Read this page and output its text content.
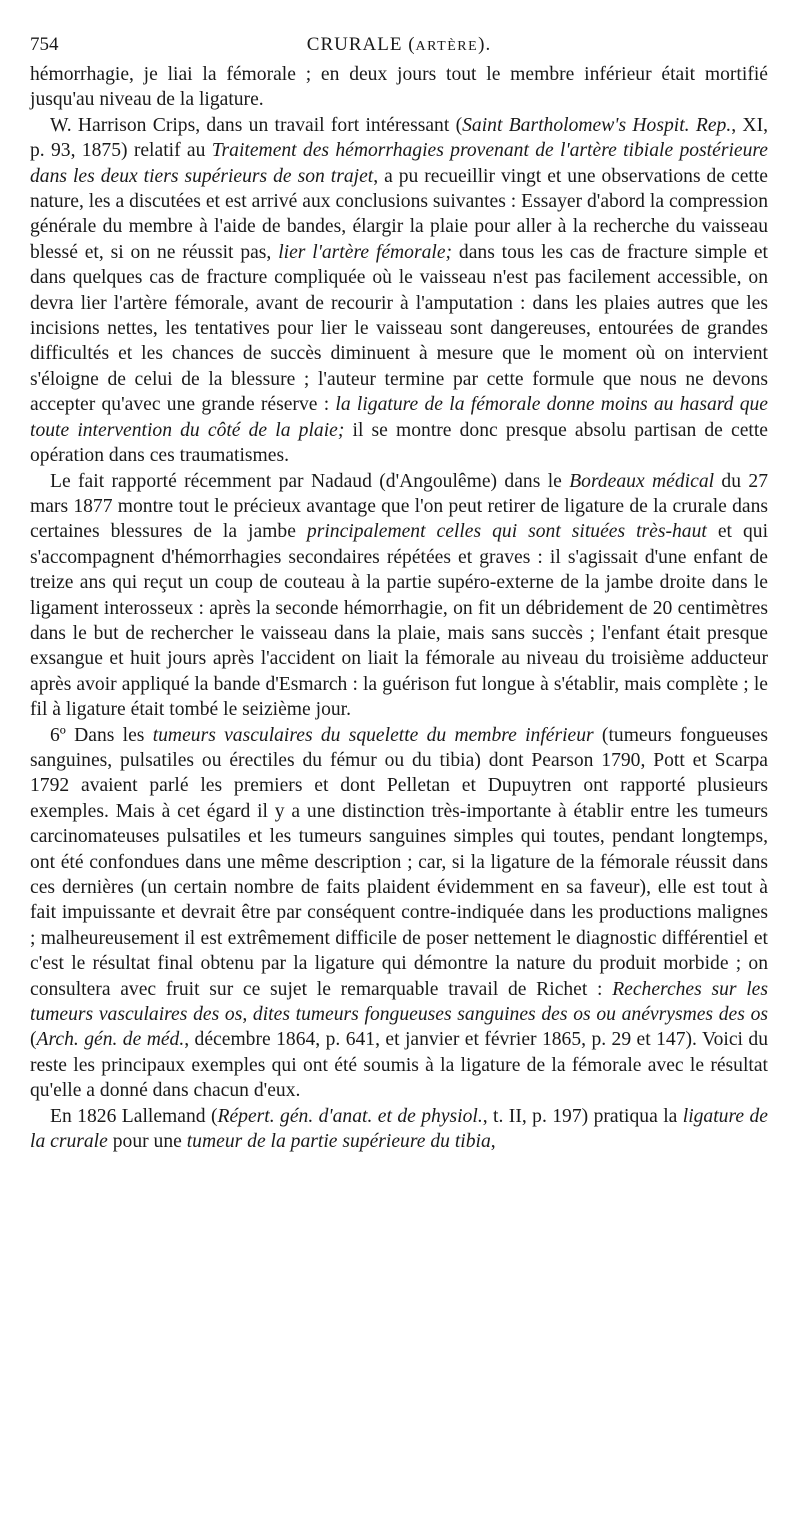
754	CRURALE (ARTÈRE).

hémorrhagie, je liai la fémorale ; en deux jours tout le membre inférieur était mortifié jusqu'au niveau de la ligature.

W. Harrison Crips, dans un travail fort intéressant (Saint Bartholomew's Hospit. Rep., XI, p. 93, 1875) relatif au Traitement des hémorrhagies provenant de l'artère tibiale postérieure dans les deux tiers supérieurs de son trajet, a pu recueillir vingt et une observations de cette nature, les a discutées et est arrivé aux conclusions suivantes : Essayer d'abord la compression générale du membre à l'aide de bandes, élargir la plaie pour aller à la recherche du vaisseau blessé et, si on ne réussit pas, lier l'artère fémorale; dans tous les cas de fracture simple et dans quelques cas de fracture compliquée où le vaisseau n'est pas facilement accessible, on devra lier l'artère fémorale, avant de recourir à l'amputation : dans les plaies autres que les incisions nettes, les tentatives pour lier le vaisseau sont dangereuses, entourées de grandes difficultés et les chances de succès diminuent à mesure que le moment où on intervient s'éloigne de celui de la blessure ; l'auteur termine par cette formule que nous ne devons accepter qu'avec une grande réserve : la ligature de la fémorale donne moins au hasard que toute intervention du côté de la plaie; il se montre donc presque absolu partisan de cette opération dans ces traumatismes.

Le fait rapporté récemment par Nadaud (d'Angoulême) dans le Bordeaux médical du 27 mars 1877 montre tout le précieux avantage que l'on peut retirer de ligature de la crurale dans certaines blessures de la jambe principalement celles qui sont situées très-haut et qui s'accompagnent d'hémorrhagies secondaires répétées et graves : il s'agissait d'une enfant de treize ans qui reçut un coup de couteau à la partie supéro-externe de la jambe droite dans le ligament interosseux : après la seconde hémorrhagie, on fit un débridement de 20 centimètres dans le but de rechercher le vaisseau dans la plaie, mais sans succès ; l'enfant était presque exsangue et huit jours après l'accident on liait la fémorale au niveau du troisième adducteur après avoir appliqué la bande d'Esmarch : la guérison fut longue à s'établir, mais complète ; le fil à ligature était tombé le seizième jour.

6º Dans les tumeurs vasculaires du squelette du membre inférieur (tumeurs fongueuses sanguines, pulsatiles ou érectiles du fémur ou du tibia) dont Pearson 1790, Pott et Scarpa 1792 avaient parlé les premiers et dont Pelletan et Dupuytren ont rapporté plusieurs exemples. Mais à cet égard il y a une distinction très-importante à établir entre les tumeurs carcinomateuses pulsatiles et les tumeurs sanguines simples qui toutes, pendant longtemps, ont été confondues dans une même description ; car, si la ligature de la fémorale réussit dans ces dernières (un certain nombre de faits plaident évidemment en sa faveur), elle est tout à fait impuissante et devrait être par conséquent contre-indiquée dans les productions malignes ; malheureusement il est extrêmement difficile de poser nettement le diagnostic différentiel et c'est le résultat final obtenu par la ligature qui démontre la nature du produit morbide ; on consultera avec fruit sur ce sujet le remarquable travail de Richet : Recherches sur les tumeurs vasculaires des os, dites tumeurs fongueuses sanguines des os ou anévrysmes des os (Arch. gén. de méd., décembre 1864, p. 641, et janvier et février 1865, p. 29 et 147). Voici du reste les principaux exemples qui ont été soumis à la ligature de la fémorale avec le résultat qu'elle a donné dans chacun d'eux.

En 1826 Lallemand (Répert. gén. d'anat. et de physiol., t. II, p. 197) pratiqua la ligature de la crurale pour une tumeur de la partie supérieure du tibia,
